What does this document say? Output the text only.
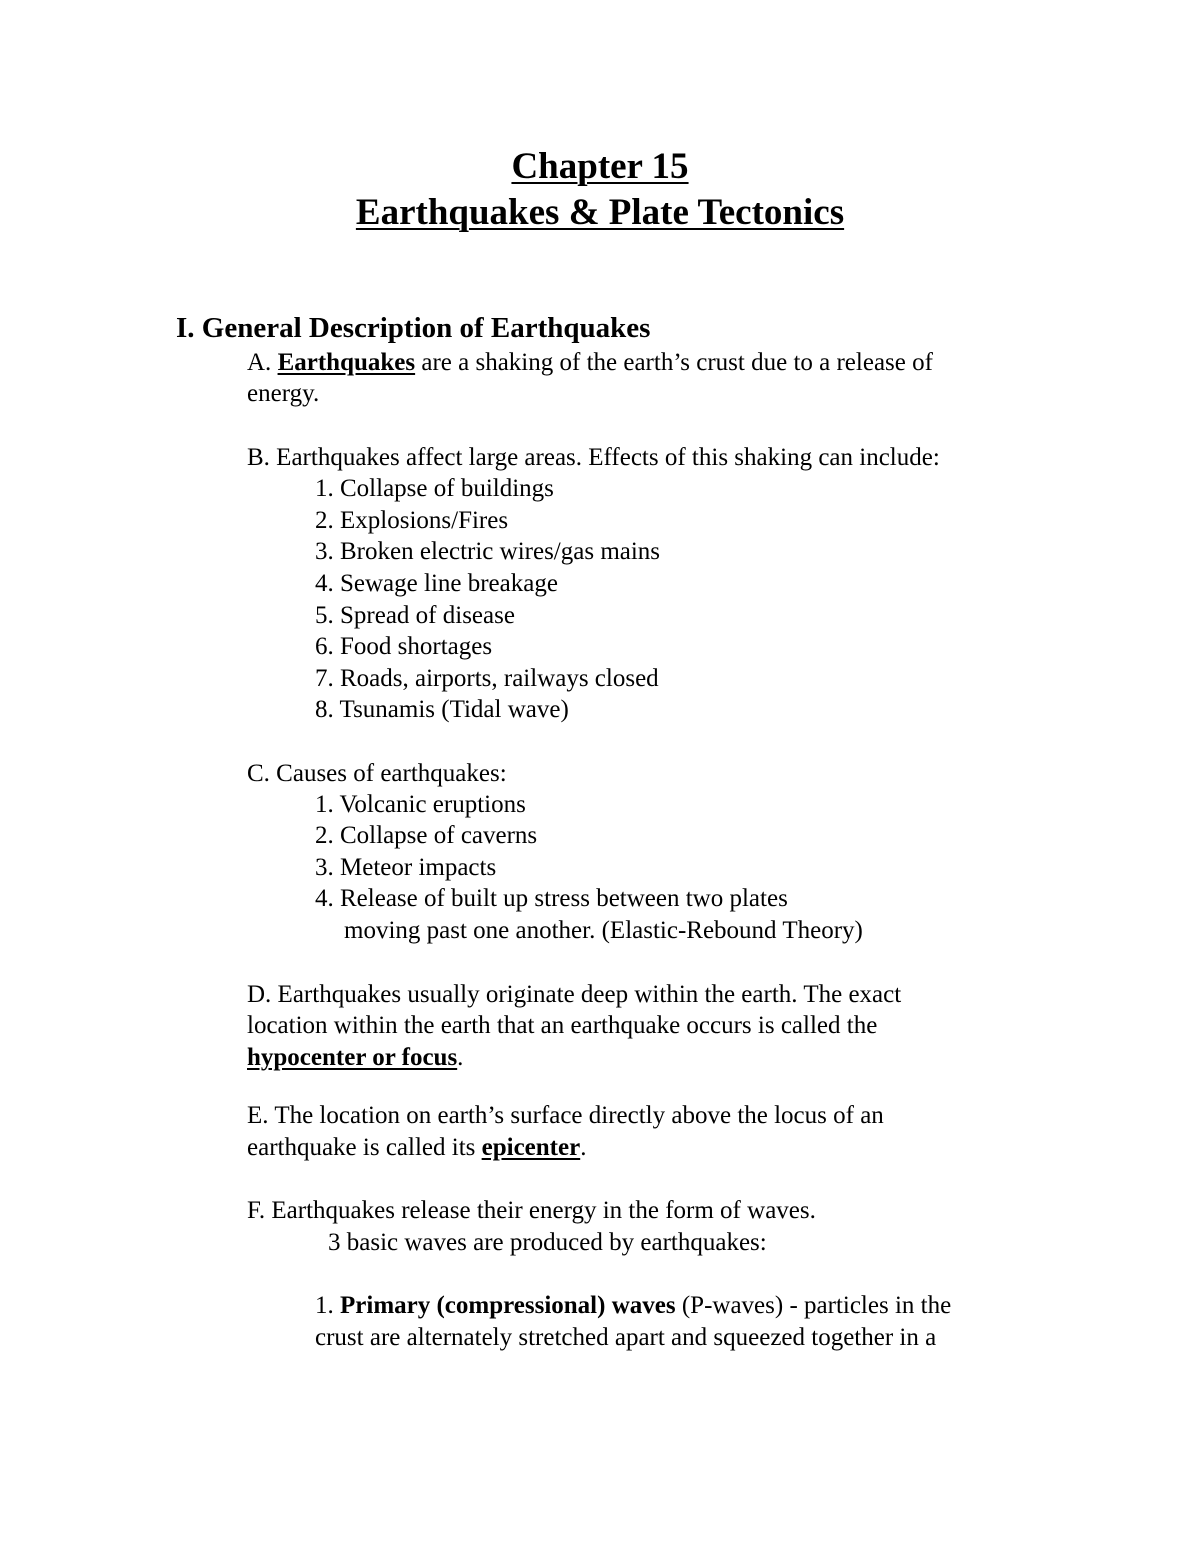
Chapter 15
Earthquakes & Plate Tectonics
I. General Description of Earthquakes
A. Earthquakes are a shaking of the earth’s crust due to a release of
energy.
B. Earthquakes affect large areas. Effects of this shaking can include:
1. Collapse of buildings
2. Explosions/Fires
3. Broken electric wires/gas mains
4. Sewage line breakage
5. Spread of disease
6. Food shortages
7. Roads, airports, railways closed
8. Tsunamis (Tidal wave)
C. Causes of earthquakes:
1. Volcanic eruptions
2. Collapse of caverns
3. Meteor impacts
4. Release of built up stress between two plates
moving past one another. (Elastic-Rebound Theory)
D. Earthquakes usually originate deep within the earth. The exact
location within the earth that an earthquake occurs is called the
hypocenter or focus.
E. The location on earth’s surface directly above the locus of an
earthquake is called its epicenter.
F. Earthquakes release their energy in the form of waves.
3 basic waves are produced by earthquakes:
1. Primary (compressional) waves (P-waves) - particles in the
crust are alternately stretched apart and squeezed together in a
